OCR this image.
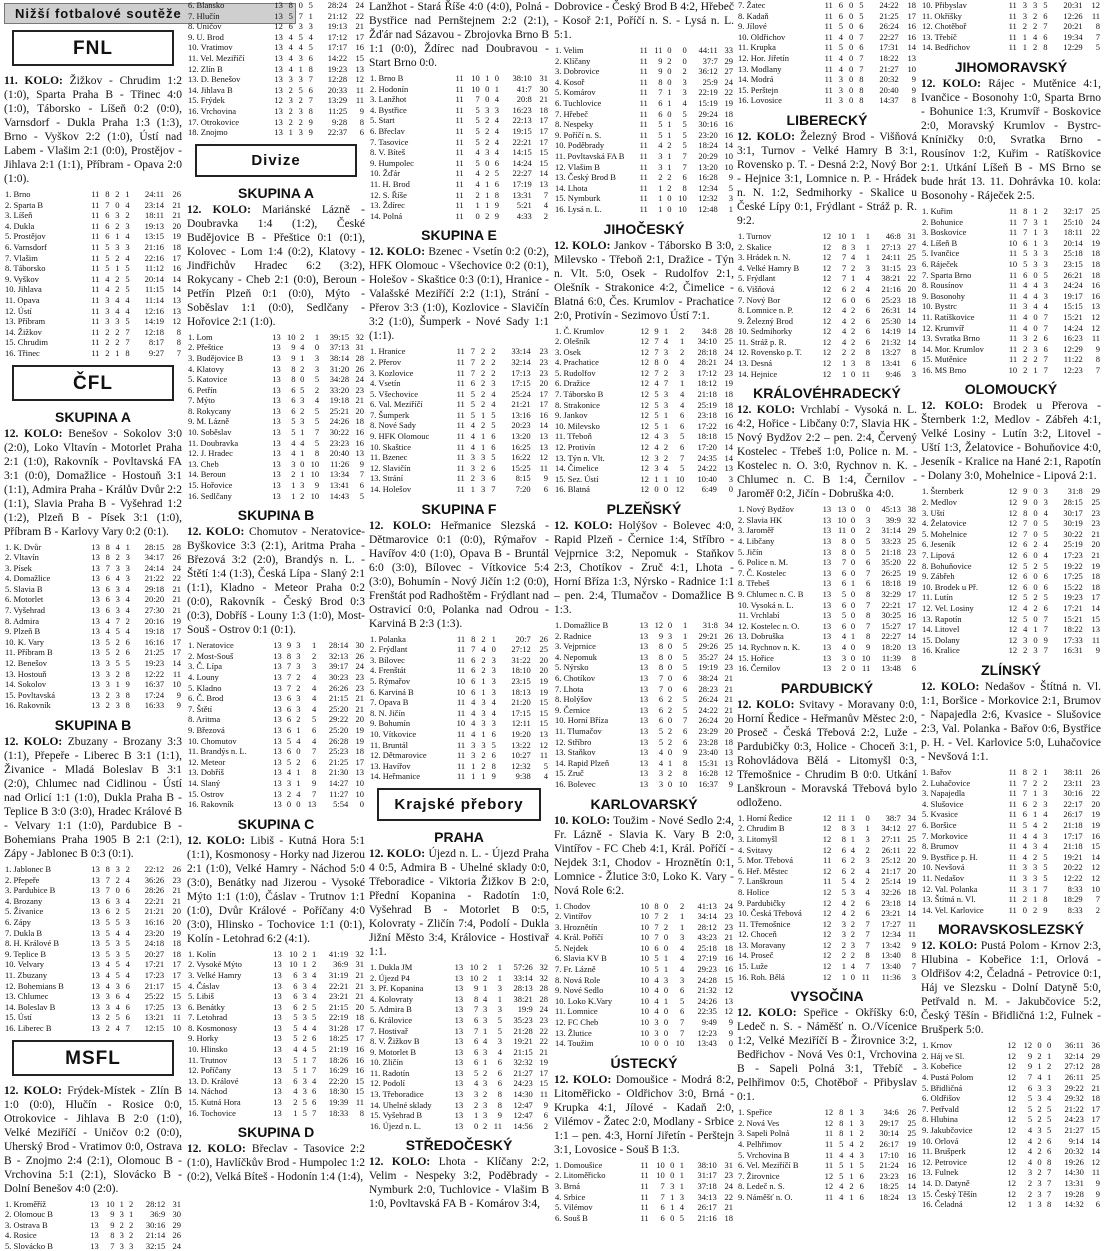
Nižší fotbalové soutěže
FNL

11. KOLO: Žižkov - Chrudim 1:2 (1:0), Sparta Praha B - Třinec 4:0 (1:0), Táborsko - Líšeň 0:2 (0:0), Varnsdorf - Dukla Praha 1:3 (1:3), Brno - Vyškov 2:2 (1:0), Ústí nad Labem - Vlašim 2:1 (0:0), Prostějov - Jihlava 2:1 (1:1), Příbram - Opava 2:0 (1:0).

1. Brno	11	8	2	1	24:11	26
2. Sparta B	11	7	0	4	23:14	21
3. Líšeň	11	6	3	2	18:11	21
4. Dukla	11	6	2	3	19:13	20
5. Prostějov	11	6	1	4	13:15	19
6. Varnsdorf	11	5	3	3	21:16	18
7. Vlašim	11	5	2	4	22:16	17
8. Táborsko	11	5	1	5	11:12	16
9. Vyškov	11	4	2	5	20:14	14
10. Jihlava	11	4	2	5	11:15	14
11. Opava	11	3	4	4	11:14	13
12. Ústí	11	3	4	4	12:16	13
13. Příbram	11	3	3	5	14:19	12
14. Žižkov	11	2	2	7	12:18	8
15. Chrudim	11	2	2	7	8:17	8
16. Třinec	11	2	1	8	9:27	7
ČFL
SKUPINA A

12. KOLO: Benešov - Sokolov 3:0 (2:0), Loko Vltavín - Motorlet Praha 2:1 (1:0), Rakovník - Povltavská FA 3:1 (0:0), Domažlice - Hostouň 3:1 (1:1), Admira Praha - Králův Dvůr 2:2 (1:1), Slavia Praha B - Vyšehrad 1:2 (1:2), Plzeň B - Písek 3:1 (1:0), Příbram B - Karlovy Vary 0:2 (0:1).

1. K. Dvůr	13	8	4	1	28:15	28
2. Vltavín	13	8	2	3	34:17	26
3. Písek	13	7	3	3	24:14	24
4. Domažlice	13	6	4	3	21:22	22
5. Slavia B	13	6	3	4	29:18	21
6. Motorlet	13	6	3	4	20:20	21
7. Vyšehrad	13	6	3	4	27:30	21
8. Admira	13	4	7	2	20:16	19
9. Plzeň B	13	4	5	4	19:18	17
10. K. Vary	13	5	2	6	16:16	17
11. Příbram B	13	5	2	6	21:25	17
12. Benešov	13	3	5	5	19:23	14
13. Hostouň	13	3	2	8	12:22	11
14. Sokolov	13	3	1	9	16:37	10
15. Povltavská	13	2	3	8	17:24	9
16. Rakovník	13	2	3	8	16:33	9
SKUPINA B

12. KOLO: Zbuzany - Brozany 3:3 (1:1), Přepeře - Liberec B 3:1 (1:1), Živanice - Mladá Boleslav B 3:1 (2:0), Chlumec nad Cidlinou - Ústí nad Orlicí 1:1 (1:0), Dukla Praha B - Teplice B 3:0 (3:0), Hradec Králové B - Velvary 1:1 (1:0), Pardubice B - Bohemians Praha 1905 B 2:1 (2:1), Zápy - Jablonec B 0:3 (0:1).

1. Jablonec B	13	8	3	2	22:12	26
2. Přepeře	13	7	2	4	36:26	23
3. Pardubice B	13	7	0	6	28:26	21
4. Brozany	13	6	3	4	22:21	21
5. Živanice	13	6	2	5	21:21	20
6. Zápy	13	5	5	3	16:16	20
7. Dukla B	13	5	4	4	23:20	19
8. H. Králové B	13	5	3	5	24:18	18
9. Teplice B	13	5	3	5	20:27	18
10. Velvary	13	4	5	4	17:21	17
11. Zbuzany	13	4	5	4	17:23	17
12. Bohemians B	13	4	3	6	21:17	15
13. Chlumec	13	3	6	4	25:22	15
14. Boleslav B	13	3	4	6	17:25	13
15. Ústí	13	2	5	6	13:21	11
16. Liberec B	13	2	4	7	12:15	10
MSFL

12. KOLO: Frýdek-Místek - Zlín B 1:0 (0:0), Hlučín - Rosice 0:0, Otrokovice - Jihlava B 2:0 (1:0), Velké Meziříčí - Uničov 0:2 (0:0), Uherský Brod - Vratimov 0:0, Ostrava B - Znojmo 2:4 (2:1), Olomouc B - Vrchovina 5:1 (2:1), Slovácko B - Dolní Benešov 4:0 (2:0).

1. Kroměříž	13	10	1	2	28:12	31
2. Olomouc B	13	9	3	1	36:9	30
3. Ostrava B	13	9	2	2	30:16	29
4. Rosice	13	8	3	2	21:14	26
5. Slovácko B	13	7	3	3	32:15	24
6. Blansko	13	8	0	5	28:24	24
7. Hlučín	13	5	7	1	21:12	22
8. Uničov	12	6	3	3	19:13	21
9. U. Brod	13	4	5	4	17:12	17
10. Vratimov	13	4	4	5	17:17	16
11. Vel. Meziříčí	13	4	3	6	14:22	15
12. Zlín B	13	4	1	8	19:23	13
13. D. Benešov	13	3	3	7	12:28	12
14. Jihlava B	13	2	5	6	20:33	11
15. Frýdek	12	3	2	7	13:29	11
16. Vrchovina	13	2	3	8	11:25	9
17. Otrokovice	13	2	2	9	9:28	8
18. Znojmo	13	1	3	9	22:37	6
Divize
SKUPINA A

12. KOLO: Mariánské Lázně - Doubravka 1:4 (1:2), České Budějovice B - Přeštice 0:1 (0:1), Kolovec - Lom 1:4 (0:2), Klatovy - Jindřichův Hradec 6:2 (3:2), Rokycany - Cheb 2:1 (0:0), Beroun - Petřín Plzeň 0:1 (0:0), Mýto - Soběslav 1:1 (0:0), Sedlčany - Hořovice 2:1 (1:0).

1. Lom	13	10	2	1	39:15	32
2. Přeštice	13	9	4	0	37:13	31
3. Budějovice B	13	9	1	3	38:14	28
4. Klatovy	13	8	2	3	31:20	26
5. Katovice	13	8	0	5	34:28	24
6. Petřín	13	6	5	2	33:20	23
7. Mýto	13	6	3	4	19:18	21
8. Rokycany	13	6	2	5	25:21	20
9. M. Lázně	13	5	3	5	24:26	18
10. Soběslav	13	5	1	7	30:22	16
11. Doubravka	13	4	4	5	23:23	16
12. J. Hradec	13	4	1	8	20:40	13
13. Cheb	13	3	0	10	11:26	9
14. Beroun	13	2	1	10	13:34	7
15. Hořovice	13	1	3	9	13:41	6
16. Sedlčany	13	1	2	10	14:43	5
SKUPINA B

12. KOLO: Chomutov - Neratovice-Byškovice 3:3 (2:1), Aritma Praha - Březová 3:2 (2:0), Brandýs n. L. - Štětí 1:4 (1:3), Česká Lípa - Slaný 2:1 (1:1), Kladno - Meteor Praha 0:2 (0:0), Rakovník - Český Brod 0:3 (0:3), Dobříš - Louny 1:3 (1:0), Most-Souš - Ostrov 0:1 (0:1).

1. Neratovice	13	9	3	1	28:14	30
2. Most-Souš	13	8	3	2	32:13	26
3. Č. Lípa	13	7	3	3	39:17	24
4. Louny	13	7	2	4	30:23	23
5. Kladno	13	7	2	4	26:26	23
6. Č. Brod	13	6	3	4	21:15	21
7. Štětí	13	6	3	4	25:20	21
8. Aritma	13	6	2	5	29:22	20
9. Březová	13	6	1	6	25:20	19
10. Chomutov	13	5	4	4	26:28	19
11. Brandýs n. L.	13	6	0	7	25:23	18
12. Meteor	13	5	2	6	21:25	17
13. Dobříš	13	4	1	8	21:30	13
14. Slaný	13	3	1	9	14:27	10
15. Ostrov	13	2	4	7	11:27	10
16. Rakovník	13	0	0	13	5:54	0
SKUPINA C

12. KOLO: Libiš - Kutná Hora 5:1 (1:1), Kosmonosy - Horky nad Jizerou 2:1 (1:0), Velké Hamry - Náchod 5:0 (3:0), Benátky nad Jizerou - Vysoké Mýto 1:1 (1:0), Čáslav - Trutnov 1:1 (1:0), Dvůr Králové - Poříčany 4:0 (3:0), Hlinsko - Tochovice 1:1 (0:1), Kolín - Letohrad 6:2 (4:1).

1. Kolín	13	10	2	1	41:19	32
2. Vysoké Mýto	13	10	1	2	36:9	31
3. Velké Hamry	13	6	3	4	31:19	21
4. Čáslav	13	6	3	4	22:21	21
5. Libiš	13	6	3	4	23:21	21
6. Benátky	13	6	2	5	21:15	20
7. Letohrad	13	5	3	5	22:19	18
8. Kosmonosy	13	5	4	4	31:28	17
9. Horky	13	5	2	6	18:25	17
10. Hlinsko	13	4	4	5	21:19	16
11. Trutnov	13	5	1	7	18:26	16
12. Poříčany	13	5	1	7	16:29	16
13. D. Králové	13	6	3	4	22:20	15
14. Náchod	13	4	3	6	18:30	15
15. Kutná Hora	13	2	5	6	19:39	11
16. Tochovice	13	1	5	7	18:33	8
SKUPINA D

12. KOLO: Břeclav - Tasovice 2:2 (1:0), Havlíčkův Brod - Humpolec 1:2 (0:2), Velká Bíteš - Hodonín 1:4 (1:4),

Lanžhot - Stará Říše 4:0 (4:0), Polná - Bystřice nad Pernštejnem 2:2 (2:1), Žďár nad Sázavou - Zbrojovka Brno B 1:1 (0:0), Ždírec nad Doubravou - Start Brno 0:0.

1. Brno B	11	10	1	0	38:10	31
2. Hodonín	11	10	0	1	41:7	30
3. Lanžhot	11	7	0	4	20:8	21
4. Bystřice	11	5	3	3	16:23	18
5. Start	11	5	2	4	22:13	17
6. Břeclav	11	5	2	4	19:15	17
7. Tasovice	11	5	2	4	22:21	17
8. V. Bíteš	11	4	3	4	14:15	15
9. Humpolec	11	5	0	6	14:24	15
10. Žďár	11	4	2	5	22:27	14
11. H. Brod	11	4	1	6	17:19	13
12. S. Říše	11	2	1	8	13:31	7
13. Ždírec	11	1	1	9	5:21	4
14. Polná	11	0	2	9	4:33	2
SKUPINA E

12. KOLO: Bzenec - Vsetín 0:2 (0:2), HFK Olomouc - Všechovice 0:2 (0:1), Holešov - Skaštice 0:3 (0:1), Hranice - Valašské Meziříčí 2:2 (1:1), Strání - Přerov 3:3 (1:0), Kozlovice - Slavičín 3:2 (1:0), Šumperk - Nové Sady 1:1 (1:1).

1. Hranice	11	7	2	2	33:14	23
2. Přerov	11	7	2	2	32:14	23
3. Kozlovice	11	7	2	2	17:13	23
4. Vsetín	11	6	2	3	17:15	20
5. Všechovice	11	5	2	4	25:24	17
6. Val. Meziříčí	11	5	2	4	21:21	17
7. Šumperk	11	5	1	5	13:16	16
8. Nové Sady	11	4	2	5	20:23	14
9. HFK Olomouc	11	4	1	6	13:20	13
10. Skaštice	11	4	1	6	16:25	13
11. Bzenec	11	3	3	5	16:22	12
12. Slavičín	11	3	2	6	15:25	11
13. Strání	11	2	3	6	8:15	9
14. Holešov	11	1	3	7	7:20	6
SKUPINA F

12. KOLO: Heřmanice Slezská - Dětmarovice 0:1 (0:0), Rýmařov - Havířov 4:0 (1:0), Opava B - Bruntál 6:0 (3:0), Bílovec - Vítkovice 5:4 (3:0), Bohumín - Nový Jičín 1:2 (0:0), Frenštát pod Radhoštěm - Frýdlant nad Ostravicí 0:0, Polanka nad Odrou - Karviná B 2:3 (1:3).

1. Polanka	11	8	2	1	20:7	26
2. Frýdlant	11	7	4	0	27:12	25
3. Bílovec	11	6	2	3	31:22	20
4. Frenštát	11	6	2	3	18:10	20
5. Rýmařov	10	6	1	3	23:15	19
6. Karviná B	10	6	1	3	18:13	19
7. Opava B	11	4	3	4	21:20	15
8. N. Jičín	11	4	3	4	17:15	15
9. Bohumín	10	4	3	3	12:11	15
10. Vítkovice	11	4	1	6	19:20	13
11. Bruntál	11	3	3	5	13:22	12
12. Dětmarovice	11	3	2	6	10:27	11
13. Havířov	11	1	2	8	12:32	5
14. Heřmanice	11	1	1	9	9:38	4
Krajské přebory
PRAHA

12. KOLO: Újezd n. L. - Újezd Praha 4 0:5, Admira B - Uhelné sklady 0:0, Třeboradice - Viktoria Žižkov B 2:0, Přední Kopanina - Radotín 1:0, Vyšehrad B - Motorlet B 0:5, Kolovraty - Zličín 7:4, Podolí - Dukla Jižní Město 3:4, Královice - Hostivař 1:1.

1. Dukla JM	13	10	2	1	57:26	32
2. Újezd P4	13	10	2	1	33:14	32
3. Př. Kopanina	13	9	1	3	28:13	28
4. Kolovraty	13	8	4	1	38:21	28
5. Admira B	13	7	3	3	19:9	24
6. Královice	13	6	3	5	35:23	23
7. Hostivař	13	7	1	5	21:28	22
8. V. Žižkov B	13	6	4	3	19:21	22
9. Motorlet B	13	6	3	4	21:15	21
10. Zličín	13	6	1	6	32:32	19
11. Radotín	13	5	2	6	21:27	17
12. Podolí	13	4	3	6	24:23	15
13. Třeboradice	13	3	2	8	14:30	11
14. Uhelné sklady	13	2	3	8	12:47	9
15. Vyšehrad B	13	1	3	9	12:47	6
16. Újezd n. L.	13	0	2	11	14:56	2
STŘEDOČESKÝ

12. KOLO: Lhota - Klíčany 2:2, Velim - Nespeky 3:2, Poděbrady - Nymburk 2:0, Tuchlovice - Vlašim B 1:0, Povltavská FA B - Komárov 3:4,

Dobrovice - Český Brod B 4:2, Hřebeč - Kosoř 2:1, Poříčí n. S. - Lysá n. L. 5:1.

1. Velim	11	11	0	0	44:11	33
2. Klíčany	11	9	2	0	37:7	29
3. Dobrovice	11	9	0	2	36:12	27
4. Kosoř	11	8	0	3	25:9	24
5. Komárov	11	7	1	3	22:19	22
6. Tuchlovice	11	6	1	4	15:19	19
7. Hřebeč	11	6	0	5	29:24	18
8. Nespeky	11	5	1	5	30:16	16
9. Poříčí n. S.	11	5	1	5	23:20	16
10. Poděbrady	11	4	2	5	18:24	14
11. Povltavská FA B	11	3	1	7	20:29	10
12. Vlašim B	11	3	1	7	13:20	10
13. Český Brod B	11	2	2	6	16:28	9
14. Lhota	11	1	2	8	12:34	5
15. Nymburk	11	1	0	10	12:32	3
16. Lysá n. L.	11	1	0	10	12:48	1
JIHOČESKÝ

12. KOLO: Jankov - Táborsko B 3:0, Milevsko - Třeboň 2:1, Dražice - Týn n. Vlt. 5:0, Osek - Rudolfov 2:1, Olešník - Strakonice 4:2, Čimelice - Blatná 6:0, Čes. Krumlov - Prachatice 2:0, Protivín - Sezimovo Ústí 7:1.

1. Č. Krumlov	12	9	1	2	34:8	28
2. Olešník	12	7	4	1	34:10	25
3. Osek	12	7	3	2	28:18	24
4. Prachatice	12	8	0	4	28:21	24
5. Rudolfov	12	7	2	3	17:12	23
6. Dražice	12	4	7	1	18:12	19
7. Táborsko B	12	5	3	4	21:18	18
8. Strakonice	12	5	3	4	25:19	18
9. Jankov	12	5	1	6	23:18	16
10. Milevsko	12	5	1	6	17:22	16
11. Třeboň	12	4	3	5	18:18	15
12. Protivín	12	4	2	6	17:20	14
13. Týn n. Vlt.	12	3	2	7	24:35	14
14. Čimelice	12	3	4	5	24:22	13
15. Sez. Ústí	12	1	1	10	10:40	3
16. Blatná	12	0	0	12	6:49	0
PLZEŇSKÝ

12. KOLO: Holýšov - Bolevec 4:0, Rapid Plzeň - Černice 1:4, Stříbro - Vejprnice 3:2, Nepomuk - Staňkov 2:3, Chotíkov - Zruč 4:1, Lhota - Horní Bříza 1:3, Nýrsko - Radnice 1:1 – pen. 2:4, Tlumačov - Domažlice B 1:3.

1. Domažlice B	13	12	0	1	31:8	34
2. Radnice	13	9	3	1	29:21	26
3. Vejprnice	13	8	0	5	29:26	25
4. Nepomuk	13	8	0	5	35:27	24
5. Nýrsko	13	8	0	5	19:19	23
6. Chotíkov	13	7	0	6	38:24	21
7. Lhota	13	7	0	6	28:23	21
8. Holýšov	13	6	2	5	26:24	21
9. Černice	13	6	2	5	24:22	21
10. Horní Bříza	13	6	0	7	26:24	20
11. Tlumačov	13	5	2	6	23:29	20
12. Stříbro	13	5	2	6	23:28	18
13. Staňkov	13	4	0	9	23:40	13
14. Rapid Plzeň	13	4	1	8	15:31	13
15. Zruč	13	3	2	8	16:28	12
16. Bolevec	13	3	0	10	16:37	9
KARLOVARSKÝ

10. KOLO: Toužim - Nové Sedlo 2:4, Fr. Lázně - Slavia K. Vary B 2:0, Vintířov - FC Cheb 4:1, Král. Poříčí - Nejdek 3:1, Chodov - Hroznětín 0:1, Lomnice - Žlutice 3:0, Loko K. Vary - Nová Role 6:2.

1. Chodov	10	8	0	2	41:13	24
2. Vintířov	10	7	2	1	34:14	23
3. Hroznětín	10	7	2	1	28:12	23
4. Král. Poříčí	10	7	0	3	43:23	21
5. Nejdek	10	6	0	4	25:18	18
6. Slavia KV B	10	5	1	4	27:19	16
7. Fr. Lázně	10	5	1	4	29:23	16
8. Nová Role	10	4	3	3	24:28	15
9. Nové Sedlo	10	4	0	6	21:32	12
10. Loko K.Vary	10	4	1	5	24:26	13
11. Lomnice	10	4	0	6	22:35	12
12. FC Cheb	10	3	0	7	9:49	9
13. Žlutice	10	3	0	7	12:23	9
14. Toužim	10	0	0	10	13:43	0
ÚSTECKÝ

12. KOLO: Domoušice - Modrá 8:2, Litoměřicko - Oldřichov 3:0, Brná - Krupka 4:1, Jílové - Kadaň 2:0, Vilémov - Žatec 2:0, Modlany - Srbice 1:1 – pen. 4:3, Horní Jiřetín - Perštejn 3:1, Lovosice - Souš B 1:3.

1. Domoušice	11	10	0	1	38:10	31
2. Litoměřicko	11	10	0	1	31:17	23
3. Brná	11	7	3	1	37:18	24
4. Srbice	11	7	1	3	34:13	22
5. Vilémov	11	6	1	4	26:17	21
6. Souš B	11	6	0	5	21:16	18
7. Žatec	11	6	0	5	24:22	18
8. Kadaň	11	6	0	5	21:25	17
9. Jílové	11	5	0	6	26:24	16
10. Oldřichov	11	4	0	7	22:27	16
11. Krupka	11	5	0	6	17:31	14
12. Hor. Jiřetín	11	4	0	7	18:22	13
13. Modlany	11	4	0	7	21:27	10
14. Modrá	11	3	0	8	20:32	9
15. Perštejn	11	3	0	8	20:40	9
16. Lovosice	11	3	0	8	14:37	8
LIBERECKÝ

12. KOLO: Železný Brod - Višňová 3:1, Turnov - Velké Hamry B 3:1, Rovensko p. T. - Desná 2:2, Nový Bor - Hejnice 3:1, Lomnice n. P. - Hrádek n. N. 1:2, Sedmihorky - Skalice u České Lípy 0:1, Frýdlant - Stráž p. R. 9:2.

1. Turnov	12	10	1	1	46:8	31
2. Skalice	12	8	3	1	27:13	27
3. Hrádek n. N.	12	7	4	1	24:11	25
4. Velké Hamry B	12	7	2	3	31:15	23
5. Frýdlant	12	7	1	4	38:21	22
6. Višňová	12	6	2	4	21:16	20
7. Nový Bor	12	6	0	6	25:23	18
8. Lomnice n. P.	12	4	2	6	26:31	14
9. Železný Brod	12	4	2	6	25:30	14
10. Sedmihorky	12	4	2	6	14:19	14
11. Stráž p. R.	12	4	2	6	21:32	14
12. Rovensko p. T.	12	2	2	8	13:27	8
13. Desná	12	1	3	8	13:41	6
14. Hejnice	12	1	0	11	9:46	3
KRÁLOVÉHRADECKÝ

12. KOLO: Vrchlabí - Vysoká n. L. 4:2, Hořice - Libčany 0:7, Slavia HK - Nový Bydžov 2:2 – pen. 2:4, Červený Kostelec - Třebeš 1:0, Police n. M. - Kostelec n. O. 3:0, Rychnov n. K. - Chlumec n. C. B 1:4, Černilov - Jaroměř 0:2, Jičín - Dobruška 4:0.

1. Nový Bydžov	13	13	0	0	45:13	38
2. Slavia HK	13	10	0	3	39:9	32
3. Jaroměř	13	11	0	2	31:14	29
4. Libčany	13	8	0	5	33:23	25
5. Jičín	13	8	0	5	21:18	23
6. Police n. M.	13	7	0	6	35:20	22
7. Č. Kostelec	13	6	0	7	26:25	19
8. Třebeš	13	6	1	6	18:18	19
9. Chlumec n. C. B	13	5	0	8	32:29	17
10. Vysoká n. L.	13	6	0	7	22:21	17
11. Vrchlabí	13	5	0	8	30:25	16
12. Kostelec n. O.	13	6	0	7	15:27	17
13. Dobruška	13	4	1	8	22:27	14
14. Rychnov n. K.	13	4	0	9	18:20	13
15. Hořice	13	3	0	10	11:39	8
16. Černilov	13	2	0	11	13:48	6
PARDUBICKÝ

12. KOLO: Svitavy - Moravany 0:0, Horní Ředice - Heřmanův Městec 2:0, Proseč - Česká Třebová 2:2, Luže - Pardubičky 0:3, Holice - Choceň 3:1, Rohovládova Bělá - Litomyšl 0:3, Třemošnice - Chrudim B 0:0. Utkání Lanškroun - Moravská Třebová bylo odloženo.

1. Horní Ředice	12	11	1	0	38:7	34
2. Chrudim B	12	8	3	1	34:12	27
3. Litomyšl	12	8	1	3	27:11	25
4. Svitavy	12	6	4	2	26:11	22
5. Mor. Třebová	11	6	2	3	25:12	20
6. Heř. Městec	12	6	2	4	21:17	20
7. Lanškroun	11	5	4	2	25:14	19
8. Holice	12	5	3	4	32:26	18
9. Pardubičky	12	4	2	6	23:18	14
10. Česká Třebová	12	4	2	6	23:21	14
11. Třemošnice	12	3	2	7	17:27	11
12. Choceň	12	3	2	7	12:34	11
13. Moravany	12	2	3	7	13:42	9
14. Proseč	12	2	2	8	13:40	8
15. Luže	12	1	4	7	13:40	7
16. Roh. Bělá	12	1	0	11	11:36	3
VYSOČINA

12. KOLO: Speřice - Okříšky 6:0, Ledeč n. S. - Náměšť n. O./Vícenice 1:2, Velké Meziříčí B - Žirovnice 3:2, Bedřichov - Nová Ves 0:1, Vrchovina B - Sapeli Polná 3:1, Třebíč - Pelhřimov 0:5, Chotěboř - Přibyslav 0:1.

1. Speřice	12	8	1	3	34:6	26
2. Nová Ves	12	8	1	3	29:17	25
3. Sapeli Polná	11	8	1	2	30:14	25
4. Pelhřimov	11	5	4	2	26:17	19
5. Vrchovina B	11	4	4	3	17:10	16
6. Vel. Meziříčí B	11	5	1	5	21:24	16
7. Žirovnice	12	5	1	6	23:23	16
8. Ledeč n. S.	12	4	2	6	18:25	14
9. Náměšť n. O.	11	4	1	6	18:24	13
10. Přibyslav	11	3	3	5	20:31	12
11. Okříšky	11	3	2	6	12:26	11
12. Chotěboř	11	2	2	7	20:21	8
13. Třebíč	11	1	4	6	19:34	7
14. Bedřichov	11	1	2	8	12:29	5
JIHOMORAVSKÝ

12. KOLO: Rájec - Mutěnice 4:1, Ivančice - Bosonohy 1:0, Sparta Brno - Bohunice 1:3, Krumvíř - Boskovice 2:0, Moravský Krumlov - Bystrc-Kníničky 0:0, Svratka Brno - Rousínov 1:2, Kuřim - Ratíškovice 2:1. Utkání Líšeň B - MS Brno se bude hrát 13. 11. Dohrávka 10. kola: Bosonohy - Ráječek 2:5.

1. Kuřim	11	8	1	2	32:17	25
2. Bohunice	11	7	3	1	25:10	24
3. Boskovice	11	7	1	3	18:11	22
4. Líšeň B	10	6	1	3	20:14	19
5. Ivančice	11	5	3	3	25:18	18
6. Ráječek	10	5	3	3	23:15	18
7. Sparta Brno	11	6	0	5	26:21	18
8. Rousínov	11	4	4	3	24:24	16
9. Bosonohy	11	4	4	3	19:17	16
10. Bystrc	11	3	4	4	15:15	13
11. Ratíškovice	11	4	0	7	15:21	12
12. Krumvíř	11	4	0	7	14:24	12
13. Svratka Brno	11	3	2	6	16:23	11
14. Mor. Krumlov	11	2	3	6	12:29	9
15. Mutěnice	11	2	2	7	11:22	8
16. MS Brno	10	2	1	7	12:23	7
OLOMOUCKÝ

12. KOLO: Brodek u Přerova - Šternberk 1:2, Medlov - Zábřeh 4:1, Velké Losiny - Lutín 3:2, Litovel - Uští 1:3, Želatovice - Bohuňovice 4:0, Jeseník - Kralice na Hané 2:1, Rapotín - Dolany 3:0, Mohelnice - Lipová 2:1.

1. Šternberk	12	9	0	3	31:8	29
2. Medlov	12	9	0	3	28:15	25
3. Uští	12	8	0	4	30:17	23
4. Želatovice	12	7	0	5	30:19	23
5. Mohelnice	12	7	0	5	30:22	21
6. Jeseník	12	6	2	4	25:19	20
7. Lipová	12	6	0	4	17:23	21
8. Bohuňovice	12	5	2	5	19:22	19
9. Zábřeh	12	6	0	6	17:25	18
10. Brodek u Př.	12	6	0	6	15:22	18
11. Lutín	12	5	2	5	19:23	17
12. Vel. Losiny	12	4	2	6	17:21	14
13. Rapotín	12	5	0	7	15:21	15
14. Litovel	12	4	1	7	18:22	13
15. Dolany	12	3	0	9	17:33	11
16. Kralice	12	2	3	7	16:31	9
ZLÍNSKÝ

12. KOLO: Nedašov - Štítná n. Vl. 1:1, Boršice - Morkovice 2:1, Brumov - Napajedla 2:6, Kvasice - Slušovice 2:3, Val. Polanka - Bařov 0:6, Bystřice p. H. - Vel. Karlovice 5:0, Luhačovice - Nevšová 1:1.

1. Bařov	11	8	2	1	38:11	26
2. Luhačovice	11	7	2	2	23:11	23
3. Napajedla	11	7	1	3	30:16	22
4. Slušovice	11	6	2	3	22:17	20
5. Kvasice	11	6	1	4	26:17	19
6. Boršice	11	5	4	2	21:18	19
7. Morkovice	11	4	4	3	17:17	16
8. Brumov	11	4	3	4	21:18	15
9. Bystřice p. H.	11	4	2	5	19:21	14
10. Nevšová	11	3	3	5	20:22	12
11. Nedašov	11	3	3	5	12:22	12
12. Val. Polanka	11	3	1	7	8:33	10
13. Štítná n. Vl.	11	2	1	8	18:29	7
14. Vel. Karlovice	11	0	2	9	8:33	2
MORAVSKOSLEZSKÝ

12. KOLO: Pustá Polom - Krnov 2:3, Hlubina - Kobeřice 1:1, Orlová - Oldřišov 4:2, Čeladná - Petrovice 0:1, Háj ve Slezsku - Dolní Datyně 5:0, Petřvald n. M. - Jakubčovice 5:2, Český Těšín - Břidličná 1:2, Fulnek - Brušperk 5:0.

1. Krnov	12	12	0	0	36:11	36
2. Háj ve Sl.	12	9	2	1	32:14	29
3. Kobeřice	12	9	1	2	27:12	28
4. Pustá Polom	12	7	4	1	26:11	25
5. Břidličná	12	6	3	3	29:22	21
6. Oldřišov	12	5	3	4	29:32	18
7. Petřvald	12	5	2	5	21:22	17
8. Hlubina	12	5	2	5	24:23	17
9. Jakubčovice	12	4	3	5	21:27	15
10. Orlová	12	4	2	6	9:14	14
11. Brušperk	12	4	2	6	20:32	14
12. Petrovice	12	4	0	8	19:26	12
13. Fulnek	12	3	2	7	14:30	11
14. D. Datyně	12	2	3	7	13:31	9
15. Český Těšín	12	2	3	7	19:28	9
16. Čeladná	12	1	3	8	14:32	6
